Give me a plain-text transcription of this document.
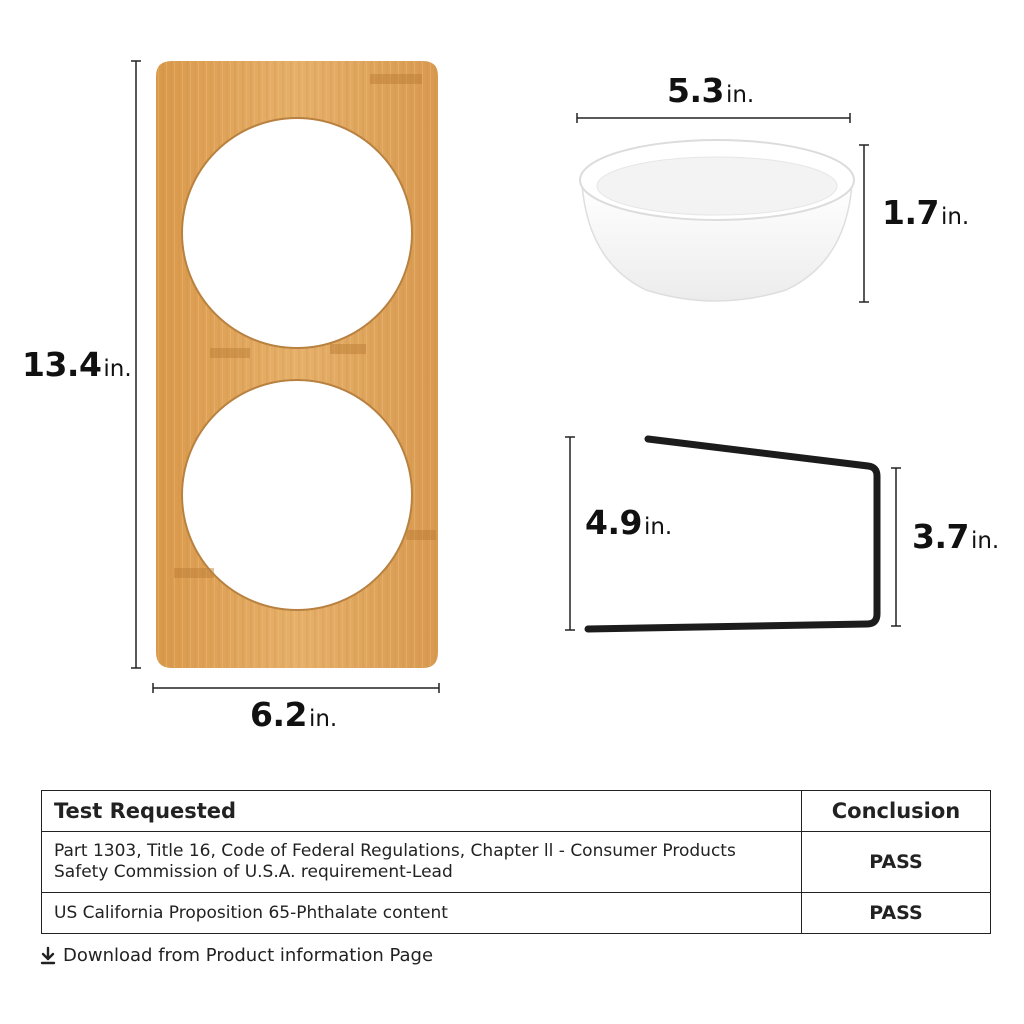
13.4in.
6.2in.
5.3in.
1.7in.
4.9in.	3.7in.
Test Requested	Conclusion

Part 1303, Title 16, Code of Federal Regulations, Chapter ll - Consumer Products
Safety Commission of U.S.A. requirement-Lead	PASS

US California Proposition 65-Phthalate content	PASS
Download from Product information Page
